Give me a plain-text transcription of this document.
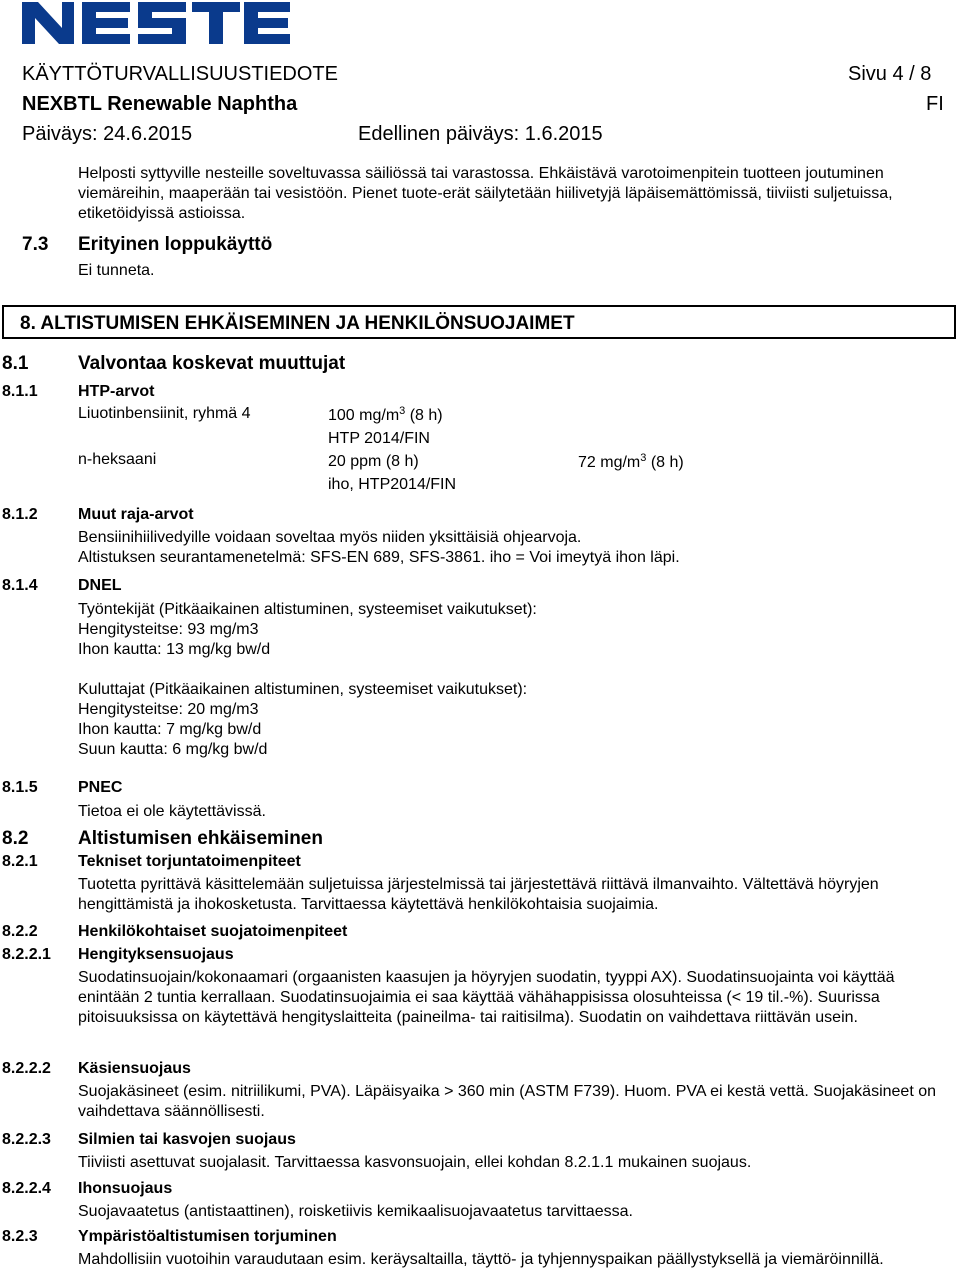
KÄYTTÖTURVALLISUUSTIEDOTE	Sivu 4 / 8
NEXBTL Renewable Naphtha	FI
Päiväys: 24.6.2015	Edellinen päiväys: 1.6.2015
Helposti syttyville nesteille soveltuvassa säiliössä tai varastossa. Ehkäistävä varotoimenpitein tuotteen joutuminen viemäreihin, maaperään tai vesistöön. Pienet tuote-erät säilytetään hiilivetyjä läpäisemättömissä, tiiviisti suljetuissa, etiketöidyissä astioissa.
7.3 Erityinen loppukäyttö
Ei tunneta.
8. ALTISTUMISEN EHKÄISEMINEN JA HENKILÖNSUOJAIMET
8.1	Valvontaa koskevat muuttujat
8.1.1	HTP-arvot
Liuotinbensiinit, ryhmä 4	100 $mg/m^3$ (8 h)
HTP 2014/FIN
n-heksaani	20 ppm (8 h)	72 $mg/m^3$ (8 h)
iho, HTP2014/FIN
8.1.2	Muut raja-arvot
Bensiinihiilivedyille voidaan soveltaa myös niiden yksittäisiä ohjearvoja.
Altistuksen seurantamenetelmä: SFS-EN 689, SFS-3861. iho = Voi imeytyä ihon läpi.
8.1.4	DNEL
Työntekijät (Pitkäaikainen altistuminen, systeemiset vaikutukset):
Hengitysteitse: 93 mg/m3
Ihon kautta: 13 mg/kg bw/d
Kuluttajat (Pitkäaikainen altistuminen, systeemiset vaikutukset):
Hengitysteitse: 20 mg/m3
Ihon kautta: 7 mg/kg bw/d
Suun kautta: 6 mg/kg bw/d
8.1.5	PNEC
Tietoa ei ole käytettävissä.
8.2	Altistumisen ehkäiseminen
8.2.1	Tekniset torjuntatoimenpiteet
Tuotetta pyrittävä käsittelemään suljetuissa järjestelmissä tai järjestettävä riittävä ilmanvaihto. Vältettävä höyryjen hengittämistä ja ihokosketusta. Tarvittaessa käytettävä henkilökohtaisia suojaimia.
8.2.2	Henkilökohtaiset suojatoimenpiteet
8.2.2.1 Hengityksensuojaus
Suodatinsuojain/kokonaamari (orgaanisten kaasujen ja höyryjen suodatin, tyyppi AX). Suodatinsuojainta voi käyttää enintään 2 tuntia kerrallaan. Suodatinsuojaimia ei saa käyttää vähähappisissa olosuhteissa (< 19 til.-%). Suurissa pitoisuuksissa on käytettävä hengityslaitteita (paineilma- tai raitisilma). Suodatin on vaihdettava riittävän usein.
8.2.2.2 Käsiensuojaus
Suojakäsineet (esim. nitriilikumi, PVA). Läpäisyaika > 360 min (ASTM F739). Huom. PVA ei kestä vettä. Suojakäsineet on vaihdettava säännöllisesti.
8.2.2.3 Silmien tai kasvojen suojaus
Tiiviisti asettuvat suojalasit. Tarvittaessa kasvonsuojain, ellei kohdan 8.2.1.1 mukainen suojaus.
8.2.2.4 Ihonsuojaus
Suojavaatetus (antistaattinen), roisketiivis kemikaalisuojavaatetus tarvittaessa.
8.2.3	Ympäristöaltistumisen torjuminen
Mahdollisiin vuotoihin varaudutaan esim. keräysaltailla, täyttö- ja tyhjennyspaikan päällystyksellä ja viemäröinnillä.
